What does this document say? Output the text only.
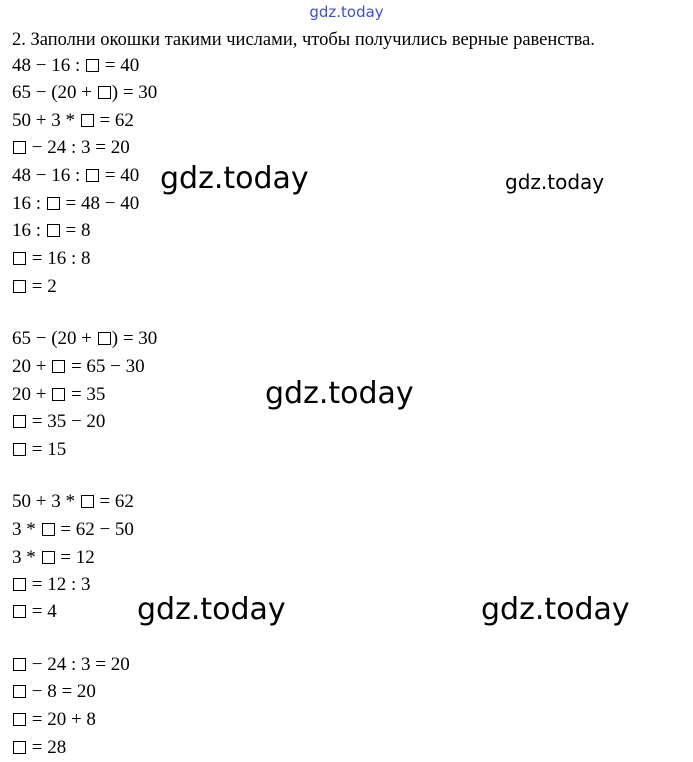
gdz.today
2. Заполни окошки такими числами, чтобы получились верные равенства.
48 − 16 :  = 40
65 − (20 + ) = 30
50 + 3 *  = 62
− 24 : 3 = 20
48 − 16 :  = 40
16 :  = 48 − 40
16 :  = 8
= 16 : 8
= 2
65 − (20 + ) = 30
20 +  = 65 − 30
20 +  = 35
= 35 − 20
= 15
50 + 3 *  = 62
3 *  = 62 − 50
3 *  = 12
= 12 : 3
= 4
− 24 : 3 = 20
− 8 = 20
= 20 + 8
= 28
gdz.today	gdz.today
gdz.today
gdz.today	gdz.today
